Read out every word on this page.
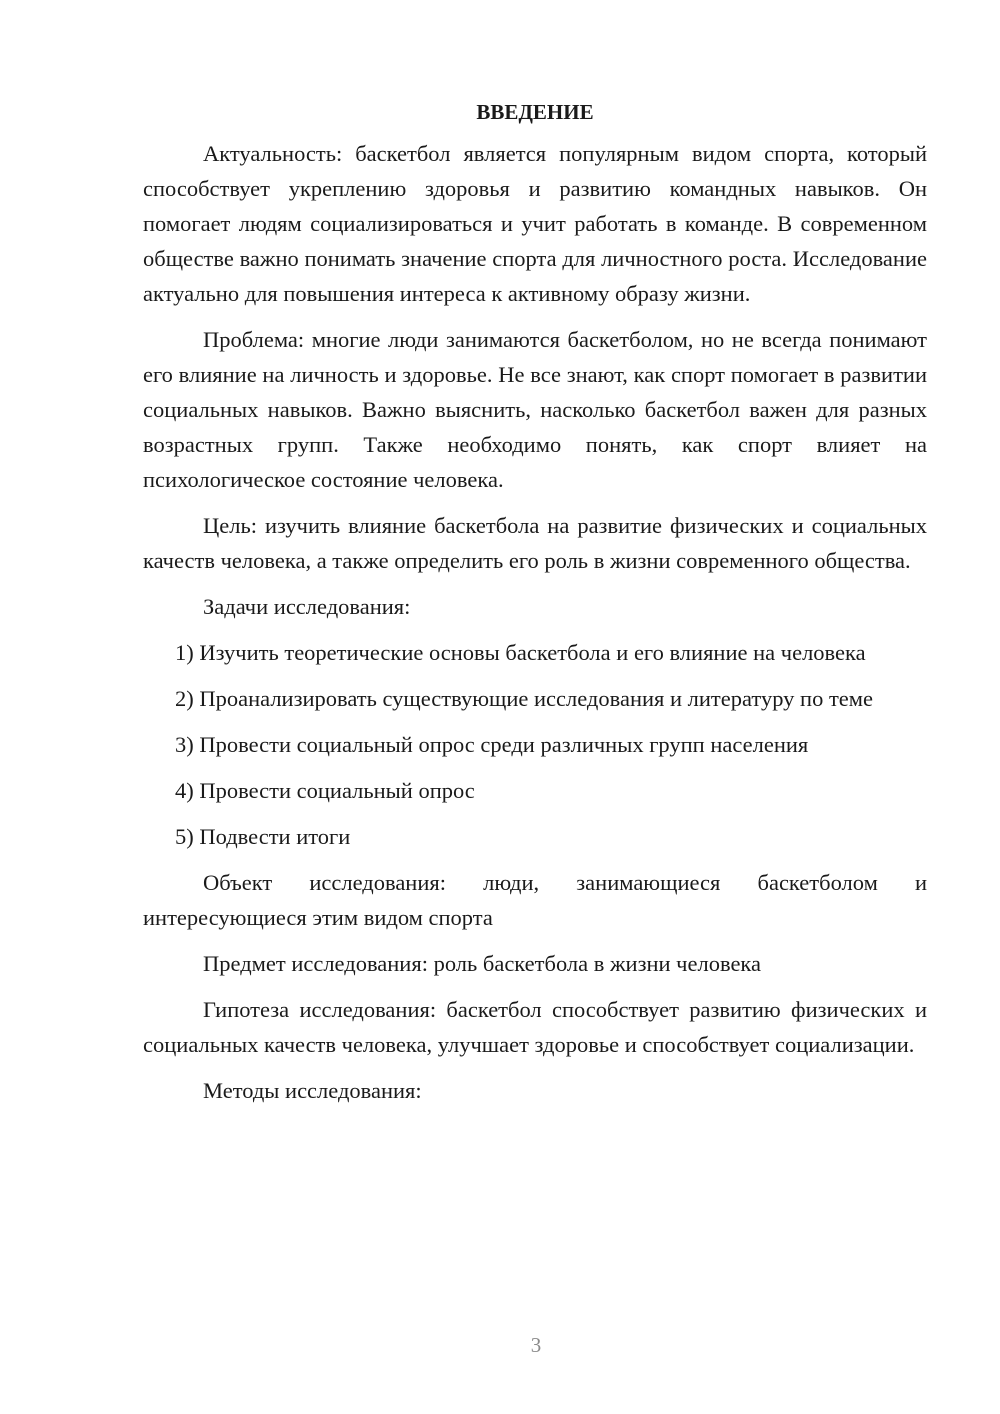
ВВЕДЕНИЕ

Актуальность: баскетбол является популярным видом спорта, который способствует укреплению здоровья и развитию командных навыков. Он помогает людям социализироваться и учит работать в команде. В современном обществе важно понимать значение спорта для личностного роста. Исследование актуально для повышения интереса к активному образу жизни.

Проблема: многие люди занимаются баскетболом, но не всегда понимают его влияние на личность и здоровье. Не все знают, как спорт помогает в развитии социальных навыков. Важно выяснить, насколько баскетбол важен для разных возрастных групп. Также необходимо понять, как спорт влияет на психологическое состояние человека.

Цель: изучить влияние баскетбола на развитие физических и социальных качеств человека, а также определить его роль в жизни современного общества.

Задачи исследования:

1) Изучить теоретические основы баскетбола и его влияние на человека

2) Проанализировать существующие исследования и литературу по теме

3) Провести социальный опрос среди различных групп населения

4) Провести социальный опрос

5) Подвести итоги

Объект исследования: люди, занимающиеся баскетболом и интересующиеся этим видом спорта

Предмет исследования: роль баскетбола в жизни человека

Гипотеза исследования: баскетбол способствует развитию физических и социальных качеств человека, улучшает здоровье и способствует социализации.

Методы исследования:

3
